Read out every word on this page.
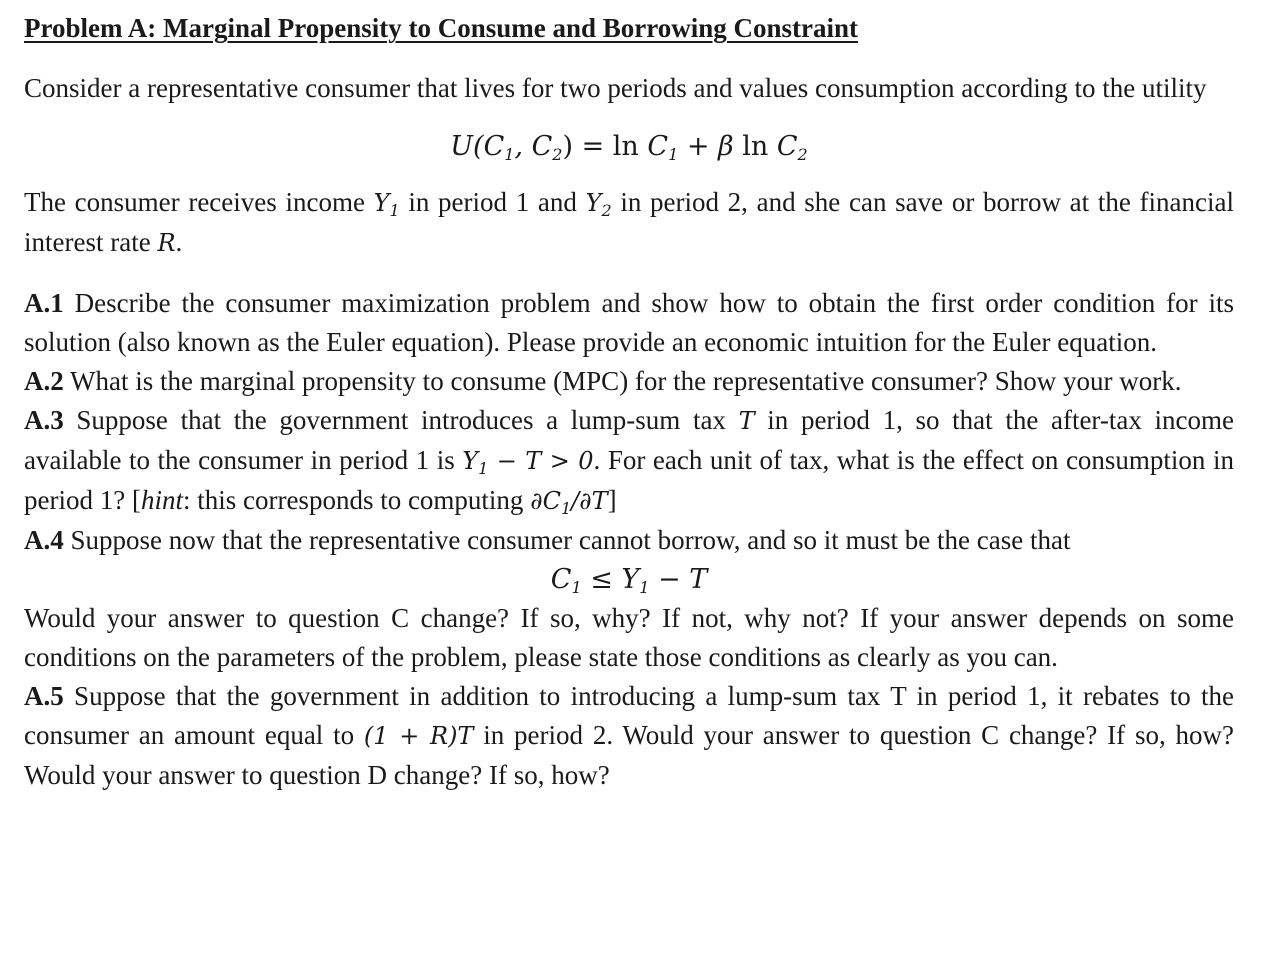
Problem A: Marginal Propensity to Consume and Borrowing Constraint

Consider a representative consumer that lives for two periods and values consumption according to the utility

$U(C_1$, $C_2) = \ln C_1 + \beta$ $\ln C_2$

The consumer receives income $Y_1$ in period 1 and $Y_2$ in period 2, and she can save or borrow at the financial interest rate R.

A.1 Describe the consumer maximization problem and show how to obtain the first order condition for its solution (also known as the Euler equation). Please provide an economic intuition for the Euler equation.

A.2 What is the marginal propensity to consume (MPC) for the representative consumer? Show your work.

A.3 Suppose that the government introduces a lump-sum tax T in period 1, so that the after-tax income available to the consumer in period 1 is $Y_1 - T > 0$. For each unit of tax, what is the effect on consumption in period 1? [hint: this corresponds to computing $\partial C_1/\partial T$]

A.4 Suppose now that the representative consumer cannot borrow, and so it must be the case that

$C_1 \le Y_1 - T$

Would your answer to question C change? If so, why? If not, why not? If your answer depends on some conditions on the parameters of the problem, please state those conditions as clearly as you can.

A.5 Suppose that the government in addition to introducing a lump-sum tax T in period 1, it rebates to the consumer an amount equal to (1 + R)T in period 2. Would your answer to question C change? If so, how? Would your answer to question D change? If so, how?
